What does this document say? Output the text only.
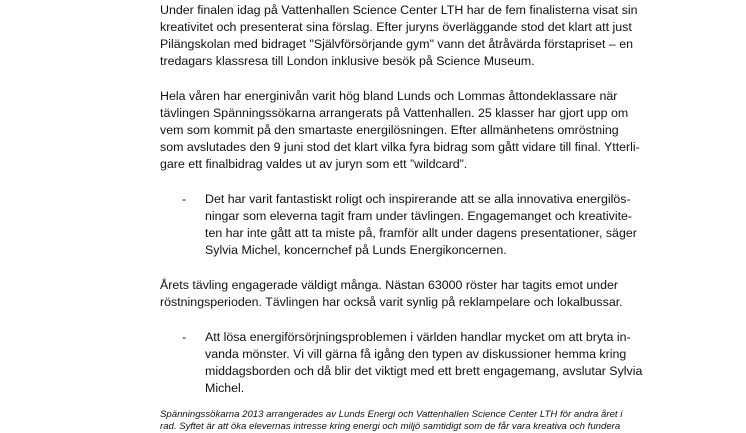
Under finalen idag på Vattenhallen Science Center LTH har de fem finalisterna visat sin
kreativitet och presenterat sina förslag. Efter juryns överläggande stod det klart att just
Pilängskolan med bidraget "Självförsörjande gym" vann det åtråvärda förstapriset – en
tredagars klassresa till London inklusive besök på Science Museum.

Hela våren har energinivån varit hög bland Lunds och Lommas åttondeklassare när
tävlingen Spänningssökarna arrangerats på Vattenhallen. 25 klasser har gjort upp om
vem som kommit på den smartaste energilösningen. Efter allmänhetens omröstning
som avslutades den 9 juni stod det klart vilka fyra bidrag som gått vidare till final. Ytterli-
gare ett finalbidrag valdes ut av juryn som ett ”wildcard”.

- Det har varit fantastiskt roligt och inspirerande att se alla innovativa energilös-
ningar som eleverna tagit fram under tävlingen. Engagemanget och kreativite-
ten har inte gått att ta miste på, framför allt under dagens presentationer, säger
Sylvia Michel, koncernchef på Lunds Energikoncernen.

Årets tävling engagerade väldigt många. Nästan 63000 röster har tagits emot under
röstningsperioden. Tävlingen har också varit synlig på reklampelare och lokalbussar.

- Att lösa energiförsörjningsproblemen i världen handlar mycket om att bryta in-
vanda mönster. Vi vill gärna få igång den typen av diskussioner hemma kring
middagsborden och då blir det viktigt med ett brett engagemang, avslutar Sylvia
Michel.

Spänningssökarna 2013 arrangerades av Lunds Energi och Vattenhallen Science Center LTH för andra året i
rad. Syftet är att öka elevernas intresse kring energi och miljö samtidigt som de får vara kreativa och fundera
